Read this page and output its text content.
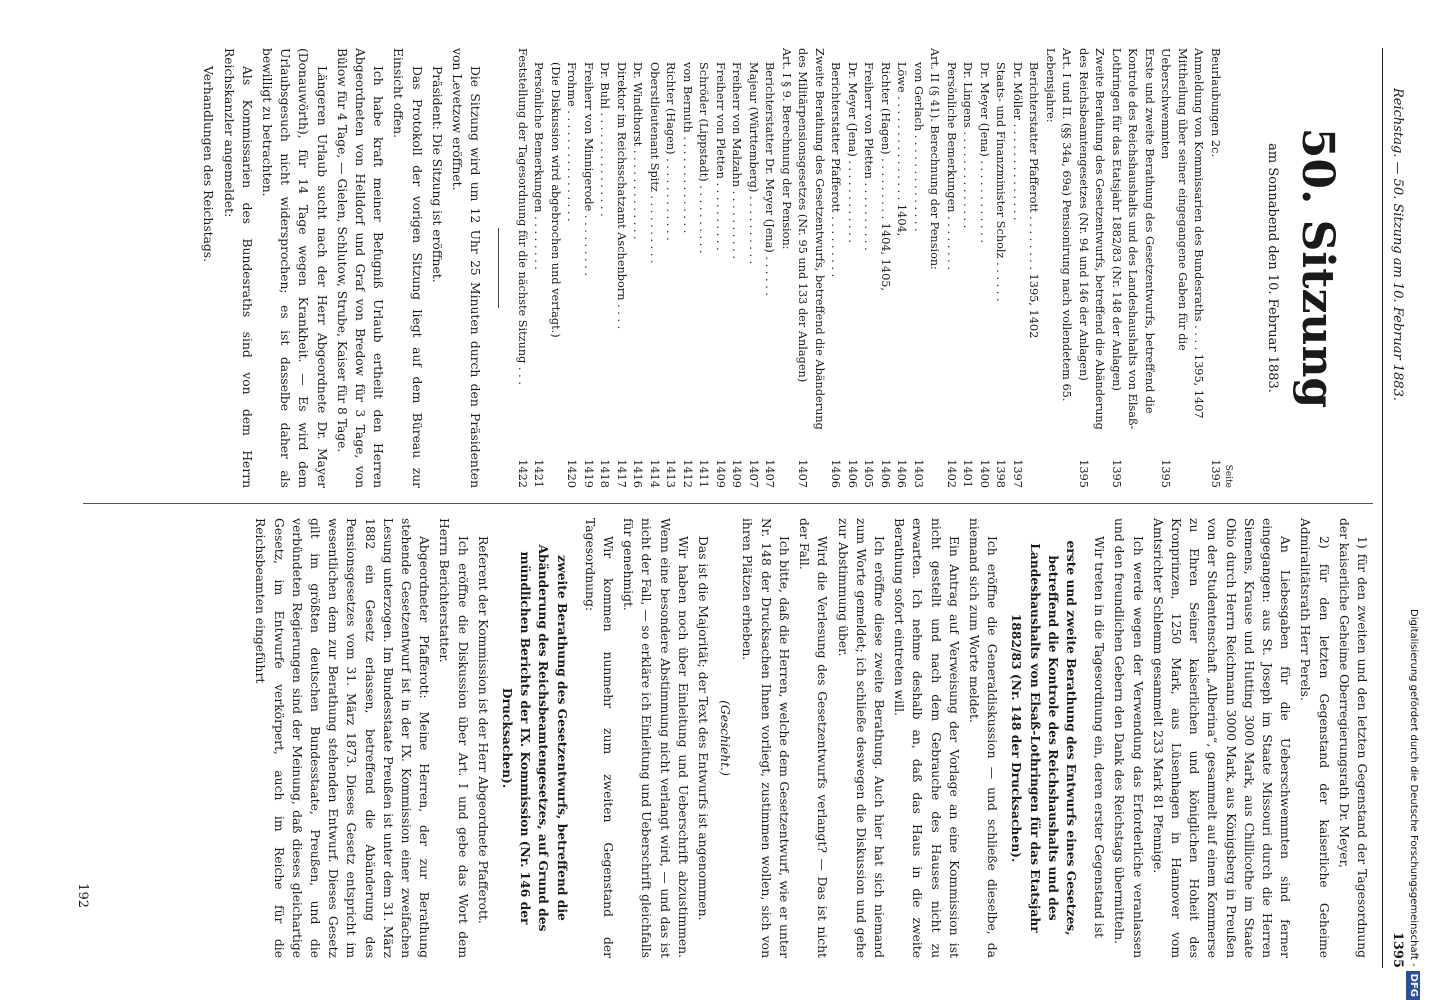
Reichstag. — 50. Sitzung am 10. Februar 1883.
1395
50. Sitzung
am Sonnabend den 10. Februar 1883.
Seite
Beurlaubungen 2c.
1395
Anmeldung von Kommissarien des Bundesraths . . . . 1395, 1407
Mittheilung über seiner eingegangene Gaben für die Ueberschwemmten
1395
Erste und zweite Berathung des Gesetzentwurfs, betreffend die Kontrole des Reichshaushalts und des Landeshaushalts von Elsaß-Lothringen für das Etatsjahr 1882/83 (Nr. 148 der Anlagen)
1395
Zweite Berathung des Gesetzentwurfs, betreffend die Abänderung des Reichsbeamtengesetzes (Nr. 94 und 146 der Anlagen)
1395
Art. I und II. (§§ 34a, 69a) Pensionirung nach vollendetem 65. Lebensjahre:
Berichterstatter Pfafferott . . . . . . . . 1395, 1402
Dr. Möller . . . . . . . . . . . . . .
1397
Staats- und Finanzminister Scholz . . . . . .
1398
Dr. Meyer (Jena) . . . . . . . . . . . .
1400
Dr. Lingens . . . . . . . . . . . . . .
1401
Persönliche Bemerkungen . . . . . . . .
1402
Art. II (§ 41). Berechnung der Pension:
von Gerlach . . . . . . . . . . . . . .
1403
Löwe . . . . . . . . . . . . . . . 1404,
1406
Richter (Hagen) . . . . . . . . . 1404, 1405,
1406
Freiherr von Pletten . . . . . . . . . .
1405
Dr. Meyer (Jena) . . . . . . . . . . . .
1406
Berichterstatter Pfafferott . . . . . . . . .
1406
Zweite Berathung des Gesetzentwurfs, betreffend die Abänderung des Militärpensionsgesetzes (Nr. 95 und 133 der Anlagen)
1407
Art. I § 9. Berechnung der Pension:
Berichterstatter Dr. Meyer (Jena) . . . . . .
1407
Majeur (Württemberg) . . . . . . . . . .
1407
Freiherr von Malzahn . . . . . . . . . .
1409
Freiherr von Pletten . . . . . . . . . .
1409
Schröder (Lippstadt) . . . . . . . . . .
1411
von Bernuth . . . . . . . . . . . . . .
1412
Richter (Hagen) . . . . . . . . . . . .
1413
Oberstlieutenant Spitz . . . . . . . . . .
1414
Dr. Windthorst . . . . . . . . . . . . .
1416
Direktor im Reichsschatzamt Aschenborn . . . .
1417
Dr. Buhl . . . . . . . . . . . . . . .
1418
Freiherr von Minnigerode . . . . . . . . .
1419
Frohme . . . . . . . . . . . . . . . .
1420
(Die Diskussion wird abgebrochen und vertagt.)
Persönliche Bemerkungen . . . . . . . .
1421
Feststellung der Tagesordnung für die nächste Sitzung . . .
1422

Die Sitzung wird um 12 Uhr 25 Minuten durch den Präsidenten von Levetzow eröffnet.

Präsident: Die Sitzung ist eröffnet.

Das Protokoll der vorigen Sitzung liegt auf dem Büreau zur Einsicht offen.

Ich habe kraft meiner Befugniß Urlaub ertheilt den Herren Abgeordneten von Helldorf und Graf von Bredow für 3 Tage, von Bülow für 4 Tage, — Gielen, Schlutow, Strube, Kaiser für 8 Tage.

Längeren Urlaub sucht nach der Herr Abgeordnete Dr. Mayer (Donauwörth), für 14 Tage wegen Krankheit. — Es wird dem Urlaubsgesuch nicht widersprochen; es ist dasselbe daher als bewilligt zu betrachten.

Als Kommissarien des Bundesraths sind von dem Herrn Reichskanzler angemeldet:

Verhandlungen des Reichstags.

1) für den zweiten und den letzten Gegenstand der Tagesordnung der kaiserliche Geheime Oberregierungsrath Dr. Meyer,

2) für den letzten Gegenstand der kaiserliche Geheime Admiralitätsrath Herr Perels.

An Liebesgaben für die Ueberschwemmten sind ferner eingegangen: aus St. Joseph im Staate Missouri durch die Herren Siemens, Krause und Hutting 3000 Mark, aus Chillicothe im Staate Ohio durch Herrn Reichmann 3000 Mark, aus Königsberg in Preußen von der Studentenschaft „Alberina“, gesammelt auf einem Kommerse zu Ehren Seiner kaiserlichen und königlichen Hoheit des Kronprinzen, 1250 Mark, aus Lüsenhagen in Hannover vom Amtsrichter Schlemm gesammelt 233 Mark 81 Pfennige.

Ich werde wegen der Verwendung das Erforderliche veranlassen und den freundlichen Gebern den Dank des Reichstags übermitteln.

Wir treten in die Tagesordnung ein, deren erster Gegenstand ist

erste und zweite Berathung des Entwurfs eines Gesetzes, betreffend die Kontrole des Reichshaushalts und des Landeshaushalts von Elsaß-Lothringen für das Etatsjahr 1882/83 (Nr. 148 der Drucksachen).

Ich eröffne die Generaldiskussion — und schließe dieselbe, da niemand sich zum Worte meldet.

Ein Antrag auf Verweisung der Vorlage an eine Kommission ist nicht gestellt und nach dem Gebrauche des Hauses nicht zu erwarten. Ich nehme deshalb an, daß das Haus in die zweite Berathung sofort eintreten will.

Ich eröffne diese zweite Berathung. Auch hier hat sich niemand zum Worte gemeldet; ich schließe deswegen die Diskussion und gehe zur Abstimmung über.

Wird die Verlesung des Gesetzentwurfs verlangt? — Das ist nicht der Fall.

Ich bitte, daß die Herren, welche dem Gesetzentwurf, wie er unter Nr. 148 der Drucksachen Ihnen vorliegt, zustimmen wollen, sich von ihren Plätzen erheben.

(Geschieht.)

Das ist die Majorität; der Text des Entwurfs ist angenommen.

Wir haben noch über Einleitung und Ueberschrift abzustimmen. Wenn eine besondere Abstimmung nicht verlangt wird, — und das ist nicht der Fall, — so erkläre ich Einleitung und Ueberschrift gleichfalls für genehmigt.

Wir kommen nunmehr zum zweiten Gegenstand der Tagesordnung:

zweite Berathung des Gesetzentwurfs, betreffend die Abänderung des Reichsbeamtengesetzes, auf Grund des mündlichen Berichts der IX. Kommission (Nr. 146 der Drucksachen).

Referent der Kommission ist der Herr Abgeordnete Pfafferott.

Ich eröffne die Diskussion über Art. I und gebe das Wort dem Herrn Berichterstatter.

Abgeordneter Pfafferott: Meine Herren, der zur Berathung stehende Gesetzentwurf ist in der IX. Kommission einer zweifachen Lesung unterzogen. Im Bundesstaate Preußen ist unter dem 31. März 1882 ein Gesetz erlassen, betreffend die Abänderung des Pensionsgesetzes vom 31. März 1873. Dieses Gesetz entspricht im wesentlichen dem zur Berathung stehenden Entwurf. Dieses Gesetz gilt im größten deutschen Bundesstaate, Preußen, und die verbündeten Regierungen sind der Meinung, daß dieses gleichartige Gesetz, im Entwurfe verkörpert, auch im Reiche für die Reichsbeamten eingeführt

192	Digitalisierung gefördert durch die Deutsche Forschungsgemeinschaft -DFG
